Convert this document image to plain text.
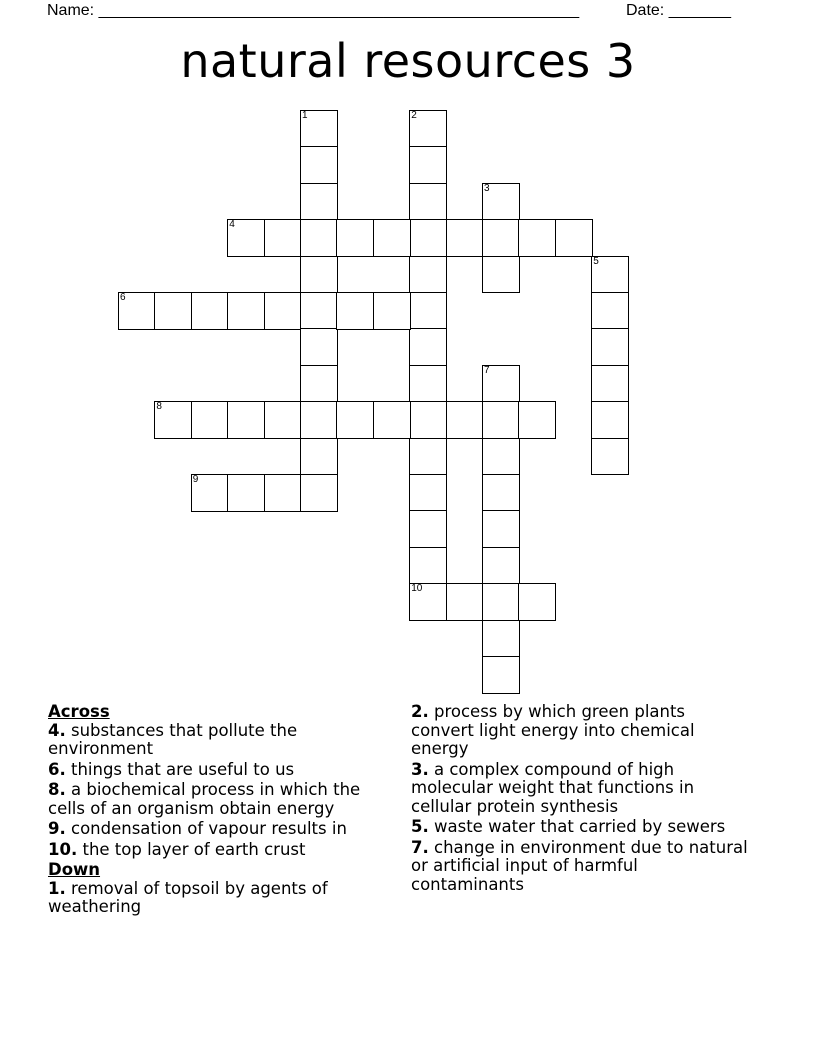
Name: ______________________________________________________	Date: _______
natural resources 3
1	2
10
3
4
5
6
7
8
9
Across
4. substances that pollute the environment
6. things that are useful to us
8. a biochemical process in which the cells of an organism obtain energy
9. condensation of vapour results in
10. the top layer of earth crust
Down
1. removal of topsoil by agents of weathering
2. process by which green plants convert light energy into chemical energy
3. a complex compound of high molecular weight that functions in cellular protein synthesis
5. waste water that carried by sewers
7. change in environment due to natural or artificial input of harmful contaminants
